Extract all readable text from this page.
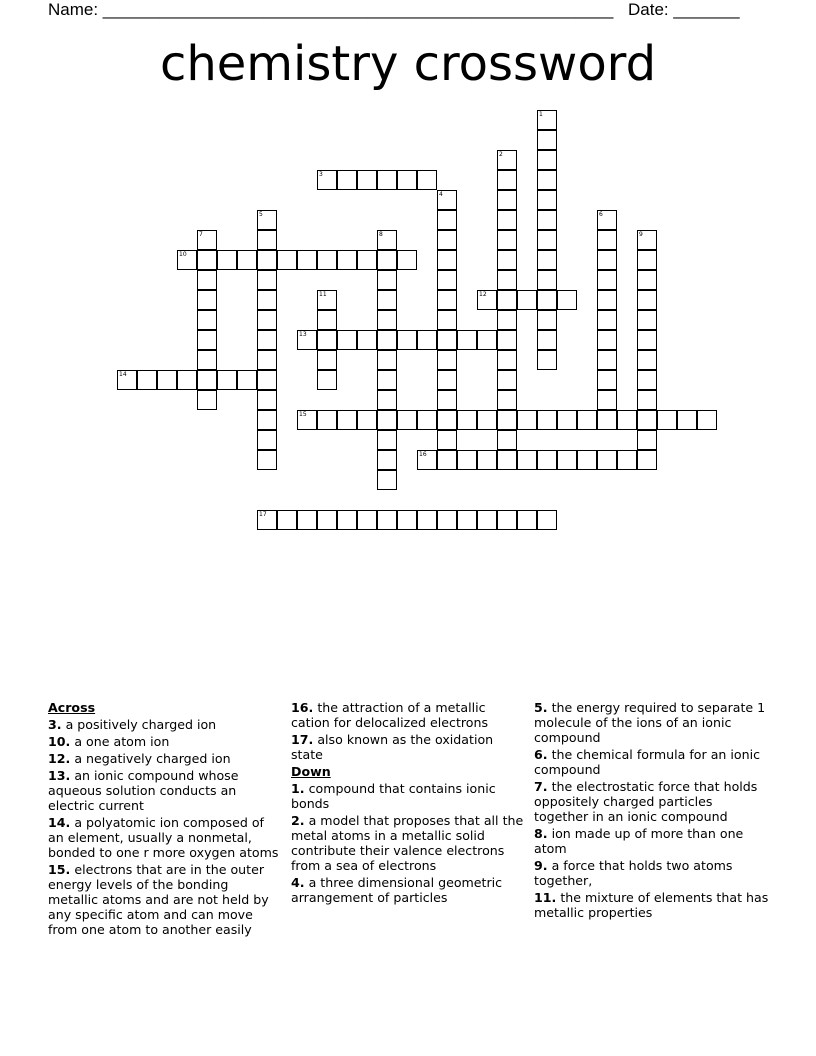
Name: ______________________________________________________ Date: _______
chemistry crossword
1
2
3
4
5	6
7	8	9
10
11	12
13
14
15
16
17
Across
3. a positively charged ion
10. a one atom ion
12. a negatively charged ion
13. an ionic compound whose aqueous solution conducts an electric current
14. a polyatomic ion composed of an element, usually a nonmetal, bonded to one r more oxygen atoms
15. electrons that are in the outer energy levels of the bonding metallic atoms and are not held by any specific atom and can move from one atom to another easily
16. the attraction of a metallic cation for delocalized electrons
17. also known as the oxidation state
Down
1. compound that contains ionic bonds
2. a model that proposes that all the metal atoms in a metallic solid contribute their valence electrons from a sea of electrons
4. a three dimensional geometric arrangement of particles
5. the energy required to separate 1 molecule of the ions of an ionic compound
6. the chemical formula for an ionic compound
7. the electrostatic force that holds oppositely charged particles together in an ionic compound
8. ion made up of more than one atom
9. a force that holds two atoms together,
11. the mixture of elements that has metallic properties
